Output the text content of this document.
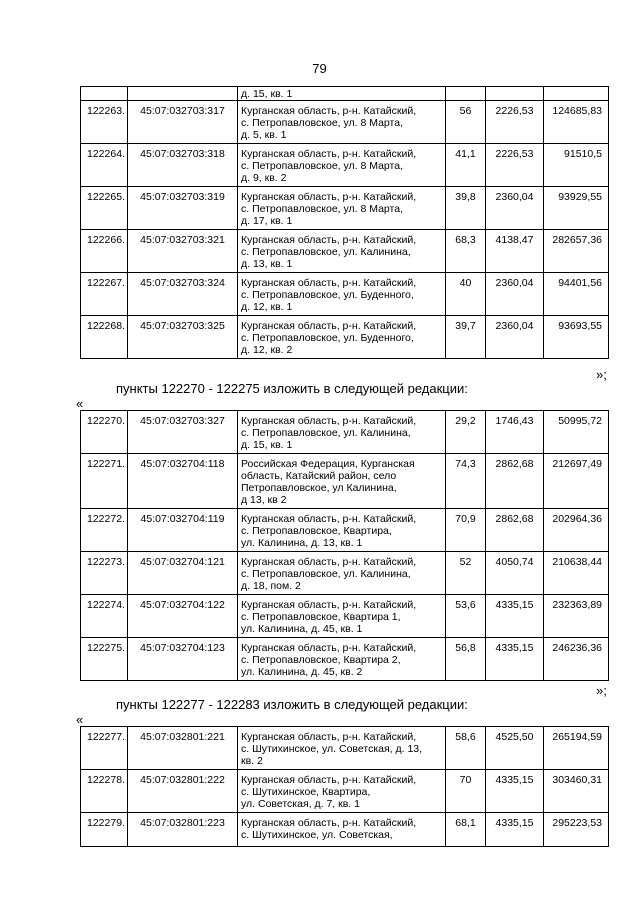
79
		д. 15, кв. 1			
122263.	45:07:032703:317	Курганская область, р-н. Катайский,
с. Петропавловское, ул. 8 Марта,
д. 5, кв. 1	56	2226,53	124685,83
122264.	45:07:032703:318	Курганская область, р-н. Катайский,
с. Петропавловское, ул. 8 Марта,
д. 9, кв. 2	41,1	2226,53	91510,5
122265.	45:07:032703:319	Курганская область, р-н. Катайский,
с. Петропавловское, ул. 8 Марта,
д. 17, кв. 1	39,8	2360,04	93929,55
122266.	45:07:032703:321	Курганская область, р-н. Катайский,
с. Петропавловское, ул. Калинина,
д. 13, кв. 1	68,3	4138,47	282657,36
122267.	45:07:032703:324	Курганская область, р-н. Катайский,
с. Петропавловское, ул. Буденного,
д. 12, кв. 1	40	2360,04	94401,56
122268.	45:07:032703:325	Курганская область, р-н. Катайский,
с. Петропавловское, ул. Буденного,
д. 12, кв. 2	39,7	2360,04	93693,55
»;
пункты 122270 - 122275 изложить в следующей редакции:
«
122270.	45:07:032703:327	Курганская область, р-н. Катайский,
с. Петропавловское, ул. Калинина,
д. 15, кв. 1	29,2	1746,43	50995,72
122271.	45:07:032704:118	Российская Федерация, Курганская
область, Катайский район, село
Петропавловское, ул Калинина,
д 13, кв 2	74,3	2862,68	212697,49
122272.	45:07:032704:119	Курганская область, р-н. Катайский,
с. Петропавловское, Квартира,
ул. Калинина, д. 13, кв. 1	70,9	2862,68	202964,36
122273.	45:07:032704:121	Курганская область, р-н. Катайский,
с. Петропавловское, ул. Калинина,
д. 18, пом. 2	52	4050,74	210638,44
122274.	45:07:032704:122	Курганская область, р-н. Катайский,
с. Петропавловское, Квартира 1,
ул. Калинина, д. 45, кв. 1	53,6	4335,15	232363,89
122275.	45:07:032704:123	Курганская область, р-н. Катайский,
с. Петропавловское, Квартира 2,
ул. Калинина, д. 45, кв. 2	56,8	4335,15	246236,36
»;
пункты 122277 - 122283 изложить в следующей редакции:
«
122277.	45:07:032801:221	Курганская область, р-н. Катайский,
с. Шутихинское, ул. Советская, д. 13,
кв. 2	58,6	4525,50	265194,59
122278.	45:07:032801:222	Курганская область, р-н. Катайский,
с. Шутихинское, Квартира,
ул. Советская, д. 7, кв. 1	70	4335,15	303460,31
122279.	45:07:032801:223	Курганская область, р-н. Катайский,
с. Шутихинское, ул. Советская,	68,1	4335,15	295223,53
